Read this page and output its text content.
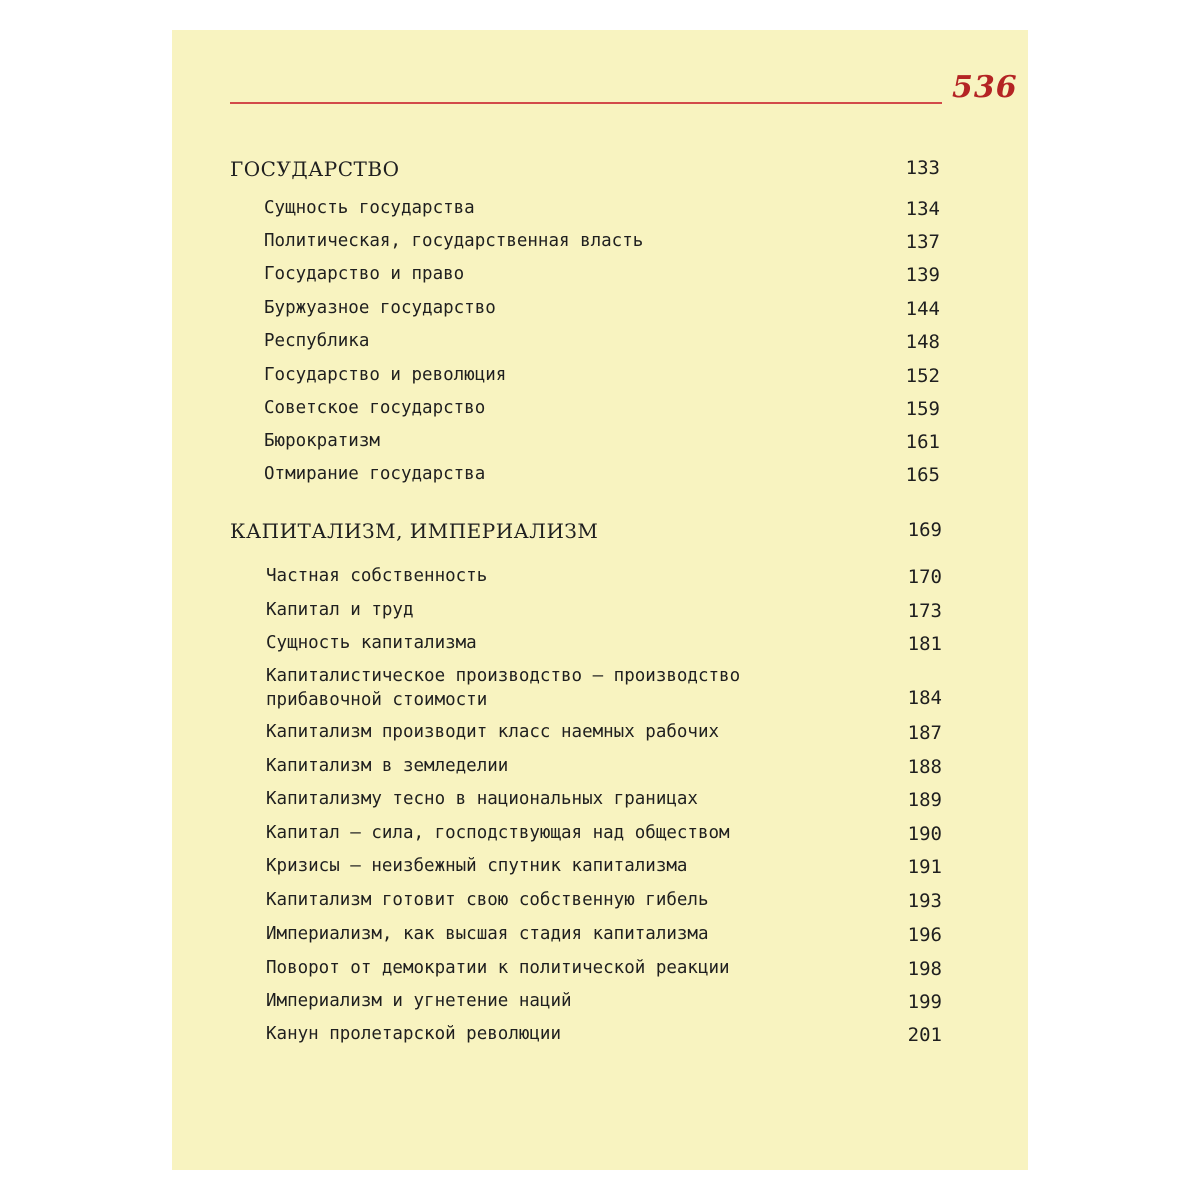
536
ГОСУДАРСТВО	133
Сущность государства	134
Политическая, государственная власть	137
Государство и право	139
Буржуазное государство	144
Республика	148
Государство и революция	152
Советское государство	159
Бюрократизм	161
Отмирание государства	165
КАПИТАЛИЗМ, ИМПЕРИАЛИЗМ	169
Частная собственность	170
Капитал и труд	173
Сущность капитализма	181
Капиталистическое производство — производство
прибавочной стоимости	184
Капитализм производит класс наемных рабочих	187
Капитализм в земледелии	188
Капитализму тесно в национальных границах	189
Капитал — сила, господствующая над обществом	190
Кризисы — неизбежный спутник капитализма	191
Капитализм готовит свою собственную гибель	193
Империализм, как высшая стадия капитализма	196
Поворот от демократии к политической реакции	198
Империализм и угнетение наций	199
Канун пролетарской революции	201
